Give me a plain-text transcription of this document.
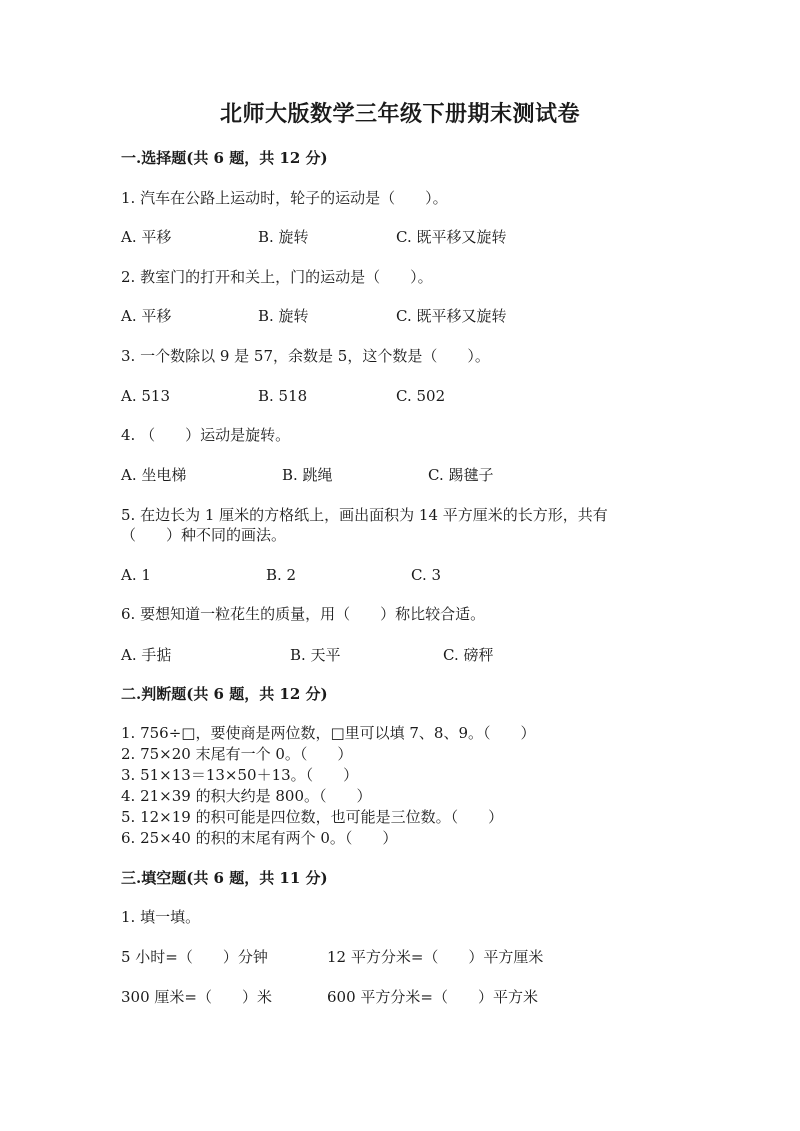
北师大版数学三年级下册期末测试卷
一.选择题(共 6 题，共 12 分)
1. 汽车在公路上运动时，轮子的运动是（　　）。
A. 平移	B. 旋转	C. 既平移又旋转
2. 教室门的打开和关上，门的运动是（　　）。
A. 平移	B. 旋转	C. 既平移又旋转
3. 一个数除以 9 是 57，余数是 5，这个数是（　　）。
A. 513	B. 518	C. 502
4. （　　）运动是旋转。
A. 坐电梯	B. 跳绳	C. 踢毽子
5. 在边长为 1 厘米的方格纸上，画出面积为 14 平方厘米的长方形，共有
（　　）种不同的画法。
A. 1	B. 2	C. 3
6. 要想知道一粒花生的质量，用（　　）称比较合适。
A. 手掂	B. 天平	C. 磅秤
二.判断题(共 6 题，共 12 分)
1. 756÷□，要使商是两位数，□里可以填 7、8、9。（　　）
2. 75×20 末尾有一个 0。（　　）
3. 51×13＝13×50＋13。（　　）
4. 21×39 的积大约是 800。（　　）
5. 12×19 的积可能是四位数，也可能是三位数。（　　）
6. 25×40 的积的末尾有两个 0。（　　）
三.填空题(共 6 题，共 11 分)
1. 填一填。
5 小时=（　　）分钟	12 平方分米=（　　）平方厘米
300 厘米=（　　）米	600 平方分米=（　　）平方米
